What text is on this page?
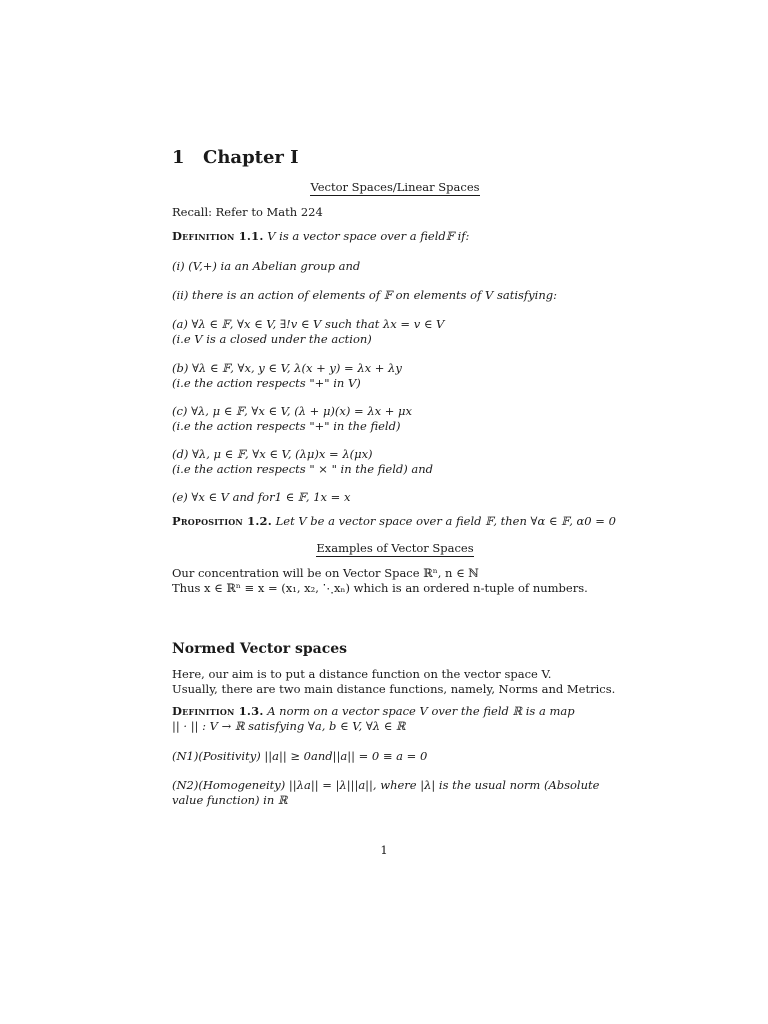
1 Chapter I
Vector Spaces/Linear Spaces
Recall: Refer to Math 224
Definition 1.1. V is a vector space over a field𝔽 if:
(i) (V,+) ia an Abelian group and
(ii) there is an action of elements of 𝔽 on elements of V satisfying:
(a) ∀λ ∈ 𝔽, ∀x ∈ V, ∃!v ∈ V such that λx = v ∈ V
(i.e V is a closed under the action)
(b) ∀λ ∈ 𝔽, ∀x, y ∈ V, λ(x + y) = λx + λy
(i.e the action respects "+" in V)
(c) ∀λ, μ ∈ 𝔽, ∀x ∈ V, (λ + μ)(x) = λx + μx
(i.e the action respects "+" in the field)
(d) ∀λ, μ ∈ 𝔽, ∀x ∈ V, (λμ)x = λ(μx)
(i.e the action respects " × " in the field) and
(e) ∀x ∈ V and for1 ∈ 𝔽, 1x = x
Proposition 1.2. Let V be a vector space over a field 𝔽, then ∀α ∈ 𝔽, α0 = 0
Examples of Vector Spaces
Our concentration will be on Vector Space ℝⁿ, n ∈ ℕ
Thus x ∈ ℝⁿ ≡ x = (x₁, x₂, ⋱xₙ) which is an ordered n-tuple of numbers.
Normed Vector spaces
Here, our aim is to put a distance function on the vector space V.
Usually, there are two main distance functions, namely, Norms and Metrics.
Definition 1.3. A norm on a vector space V over the field ℝ is a map
|| · || : V → ℝ satisfying ∀a, b ∈ V, ∀λ ∈ ℝ
(N1)(Positivity) ||a|| ≥ 0and||a|| = 0 ≡ a = 0
(N2)(Homogeneity) ||λa|| = |λ|||a||, where |λ| is the usual norm (Absolute
value function) in ℝ
1
